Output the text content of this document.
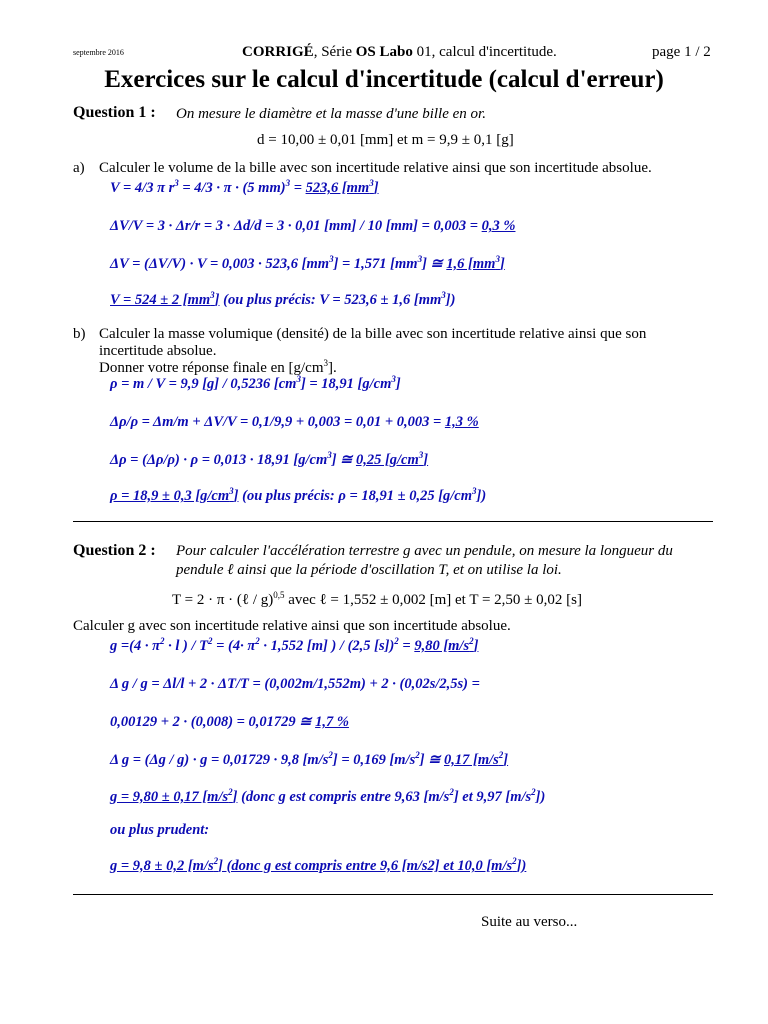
septembre 2016	CORRIGÉ, Série OS Labo 01, calcul d'incertitude.	page 1 / 2
Exercices sur le calcul d'incertitude (calcul d'erreur)
Question 1 : On mesure le diamètre et la masse d'une bille en or.
d = 10,00 ± 0,01 [mm] et m = 9,9 ± 0,1 [g]
a) Calculer le volume de la bille avec son incertitude relative ainsi que son incertitude absolue.
V = 4/3 π $r^3 = 4/3 \cdot \pi \cdot (5$ mm)$^3$ = 523,6 $[mm^3]$
ΔV/V = 3 · Δr/r = 3 · Δd/d = 3 · 0,01 [mm] / 10 [mm] = 0,003 = 0,3 %
ΔV = (ΔV/V) · V = 0,003 · 523,6 $[mm^3] = 1,571$ $[mm^3]$ ≅ 1,6 $[mm^3]$
V = 524 ± 2 $[mm^3]$ (ou plus précis: V = 523,6 ± 1,6 $[mm^3]$)
b) Calculer la masse volumique (densité) de la bille avec son incertitude relative ainsi que son
incertitude absolue.
Donner votre réponse finale en $[g/cm^3]$.
ρ = m / V = 9,9 [g] / 0,5236 $[cm^3] = 18,91$ $[g/cm^3]$
Δρ/ρ = Δm/m + ΔV/V = 0,1/9,9 + 0,003 = 0,01 + 0,003 = 1,3 %
Δρ = (Δρ/ρ) · ρ = 0,013 · 18,91 $[g/cm^3]$ ≅ 0,25 $[g/cm^3]$
ρ = 18,9 ± 0,3 $[g/cm^3]$ (ou plus précis: ρ = 18,91 ± 0,25 $[g/cm^3]$)
Question 2 : Pour calculer l'accélération terrestre g avec un pendule, on mesure la longueur du
pendule ℓ ainsi que la période d'oscillation T, et on utilise la loi.
T = 2 · π · (ℓ / g)$^{0,5}$ avec ℓ = 1,552 ± 0,002 [m] et T = 2,50 ± 0,02 [s]
Calculer g avec son incertitude relative ainsi que son incertitude absolue.
$g =(4 \cdot \pi^2 \cdot l$ ) / $T^2 = (4\cdot \pi^2 \cdot 1,552$ [m] ) / (2,5 [s])$^2$ = 9,80 $[m/s^2]$
Δ g / g = Δl/l + 2 · ΔT/T = (0,002m/1,552m) + 2 · (0,02s/2,5s) =
0,00129 + 2 · (0,008) = 0,01729 ≅ 1,7 %
Δ g = (Δg / g) · g = 0,01729 · 9,8 $[m/s^2] = 0,169$ $[m/s^2]$ ≅ 0,17 $[m/s^2]$
g = 9,80 ± 0,17 $[m/s^2]$ (donc g est compris entre 9,63 $[m/s^2]$ et 9,97 $[m/s^2]$)
ou plus prudent:
g = 9,8 ± 0,2 $[m/s^2]$ (donc g est compris entre 9,6 [m/s2] et 10,0 $[m/s^2]$)
Suite au verso...
